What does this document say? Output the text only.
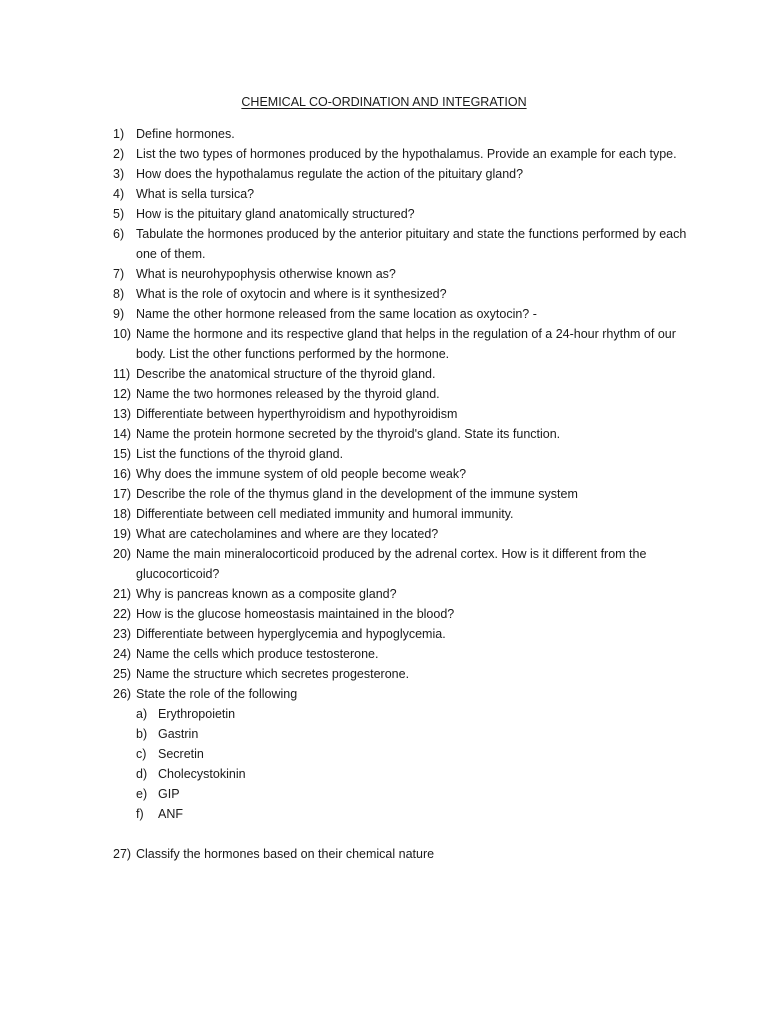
CHEMICAL CO-ORDINATION AND INTEGRATION
1) Define hormones.
2) List the two types of hormones produced by the hypothalamus. Provide an example for each type.
3) How does the hypothalamus regulate the action of the pituitary gland?
4) What is sella tursica?
5) How is the pituitary gland anatomically structured?
6) Tabulate the hormones produced by the anterior pituitary and state the functions performed by each one of them.
7) What is neurohypophysis otherwise known as?
8) What is the role of oxytocin and where is it synthesized?
9) Name the other hormone released from the same location as oxytocin? -
10) Name the hormone and its respective gland that helps in the regulation of a 24-hour rhythm of our body. List the other functions performed by the hormone.
11) Describe the anatomical structure of the thyroid gland.
12) Name the two hormones released by the thyroid gland.
13) Differentiate between hyperthyroidism and hypothyroidism
14) Name the protein hormone secreted by the thyroid's gland. State its function.
15) List the functions of the thyroid gland.
16) Why does the immune system of old people become weak?
17) Describe the role of the thymus gland in the development of the immune system
18) Differentiate between cell mediated immunity and humoral immunity.
19) What are catecholamines and where are they located?
20) Name the main mineralocorticoid produced by the adrenal cortex. How is it different from the glucocorticoid?
21) Why is pancreas known as a composite gland?
22) How is the glucose homeostasis maintained in the blood?
23) Differentiate between hyperglycemia and hypoglycemia.
24) Name the cells which produce testosterone.
25) Name the structure which secretes progesterone.
26) State the role of the following
a) Erythropoietin
b) Gastrin
c) Secretin
d) Cholecystokinin
e) GIP
f) ANF
27) Classify the hormones based on their chemical nature
